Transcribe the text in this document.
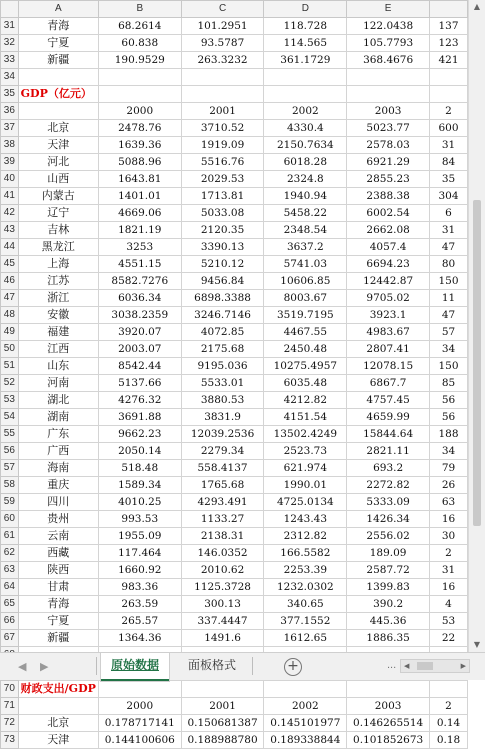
	A	B	C	D	E	
31	青海	68.2614	101.2951	118.728	122.0438	137
32	宁夏	60.838	93.5787	114.565	105.7793	123
33	新疆	190.9529	263.3232	361.1729	368.4676	421
34						
35	GDP（亿元）					
36		2000	2001	2002	2003	2
37	北京	2478.76	3710.52	4330.4	5023.77	600
38	天津	1639.36	1919.09	2150.7634	2578.03	31
39	河北	5088.96	5516.76	6018.28	6921.29	84
40	山西	1643.81	2029.53	2324.8	2855.23	35
41	内蒙古	1401.01	1713.81	1940.94	2388.38	304
42	辽宁	4669.06	5033.08	5458.22	6002.54	6
43	吉林	1821.19	2120.35	2348.54	2662.08	31
44	黑龙江	3253	3390.13	3637.2	4057.4	47
45	上海	4551.15	5210.12	5741.03	6694.23	80
46	江苏	8582.7276	9456.84	10606.85	12442.87	150
47	浙江	6036.34	6898.3388	8003.67	9705.02	11
48	安徽	3038.2359	3246.7146	3519.7195	3923.1	47
49	福建	3920.07	4072.85	4467.55	4983.67	57
50	江西	2003.07	2175.68	2450.48	2807.41	34
51	山东	8542.44	9195.036	10275.4957	12078.15	150
52	河南	5137.66	5533.01	6035.48	6867.7	85
53	湖北	4276.32	3880.53	4212.82	4757.45	56
54	湖南	3691.88	3831.9	4151.54	4659.99	56
55	广东	9662.23	12039.2536	13502.4249	15844.64	188
56	广西	2050.14	2279.34	2523.73	2821.11	34
57	海南	518.48	558.4137	621.974	693.2	79
58	重庆	1589.34	1765.68	1990.01	2272.82	26
59	四川	4010.25	4293.491	4725.0134	5333.09	63
60	贵州	993.53	1133.27	1243.43	1426.34	16
61	云南	1955.09	2138.31	2312.82	2556.02	30
62	西藏	117.464	146.0352	166.5582	189.09	2
63	陕西	1660.92	2010.62	2253.39	2587.72	31
64	甘肃	983.36	1125.3728	1232.0302	1399.83	16
65	青海	263.59	300.13	340.65	390.2	4
66	宁夏	265.57	337.4447	377.1552	445.36	53
67	新疆	1364.36	1491.6	1612.65	1886.35	22

70	财政支出/GDP					
71		2000	2001	2002	2003	2
72	北京	0.178717141	0.150681387	0.145101977	0.146265514	0.14
73	天津	0.144100606	0.188988780	0.189338844	0.101852673	0.18
▲
▼
◀ ▶	原始数据	面板格式	+	... ◀	▶
